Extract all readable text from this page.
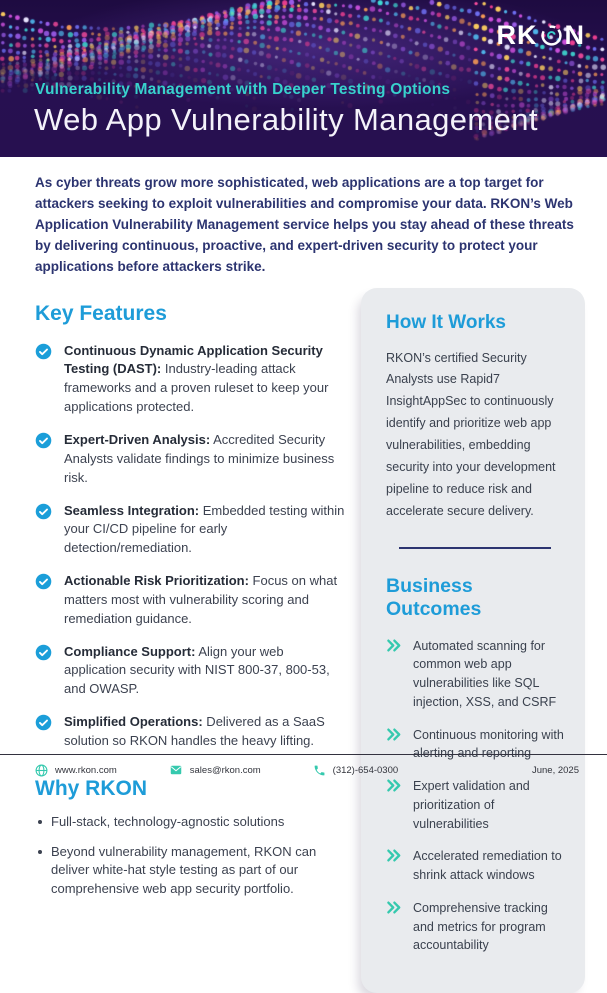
RK N
Vulnerability Management with Deeper Testing Options
Web App Vulnerability Management

As cyber threats grow more sophisticated, web applications are a top target for attackers seeking to exploit vulnerabilities and compromise your data. RKON’s Web Application Vulnerability Management service helps you stay ahead of these threats by delivering continuous, proactive, and expert-driven security to protect your applications before attackers strike.

Key Features
Continuous Dynamic Application Security Testing (DAST): Industry-leading attack frameworks and a proven ruleset to keep your applications protected.
Expert-Driven Analysis: Accredited Security Analysts validate findings to minimize business risk.
Seamless Integration: Embedded testing within your CI/CD pipeline for early detection/remediation.
Actionable Risk Prioritization: Focus on what matters most with vulnerability scoring and remediation guidance.
Compliance Support: Align your web application security with NIST 800-37, 800-53, and OWASP.
Simplified Operations: Delivered as a SaaS solution so RKON handles the heavy lifting.
Why RKON
Full-stack, technology-agnostic solutions
Beyond vulnerability management, RKON can deliver white-hat style testing as part of our comprehensive web app security portfolio.
How It Works

RKON’s certified Security Analysts use Rapid7 InsightAppSec to continuously identify and prioritize web app vulnerabilities, embedding security into your development pipeline to reduce risk and accelerate secure delivery.

Business Outcomes
Automated scanning for common web app vulnerabilities like SQL injection, XSS, and CSRF
Continuous monitoring with alerting and reporting
Expert validation and prioritization of vulnerabilities
Accelerated remediation to shrink attack windows
Comprehensive tracking and metrics for program accountability
www.rkon.com	sales@rkon.com	(312)-654-0300	June, 2025
